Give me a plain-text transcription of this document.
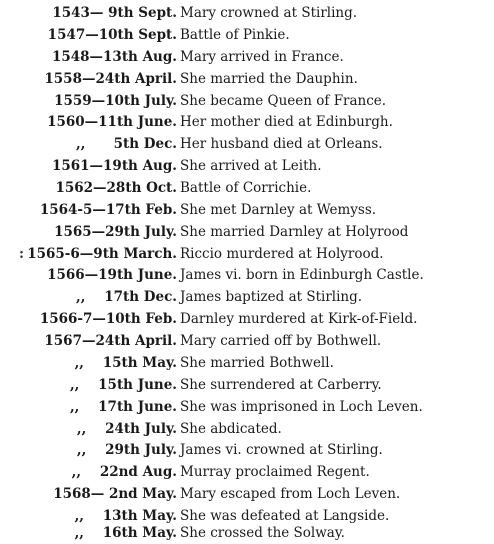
1543— 9th Sept. Mary crowned at Stirling.
1547—10th Sept. Battle of Pinkie.
1548—13th Aug. Mary arrived in France.
1558—24th April. She married the Dauphin.
1559—10th July. She became Queen of France.
1560—11th June. Her mother died at Edinburgh.
,,      5th Dec. Her husband died at Orleans.
1561—19th Aug. She arrived at Leith.
1562—28th Oct. Battle of Corrichie.
1564-5—17th Feb. She met Darnley at Wemyss.
1565—29th July. She married Darnley at Holyrood
: 1565-6—9th March. Riccio murdered at Holyrood.
1566—19th June. James vi. born in Edinburgh Castle.
,,    17th Dec. James baptized at Stirling.
1566-7—10th Feb. Darnley murdered at Kirk-of-Field.
1567—24th April. Mary carried off by Bothwell.
,,    15th May. She married Bothwell.
,,    15th June. She surrendered at Carberry.
,,    17th June. She was imprisoned in Loch Leven.
,,    24th July. She abdicated.
,,    29th July. James vi. crowned at Stirling.
,,    22nd Aug. Murray proclaimed Regent.
1568— 2nd May. Mary escaped from Loch Leven.
,,    13th May. She was defeated at Langside.
,,    16th May. She crossed the Solway.
